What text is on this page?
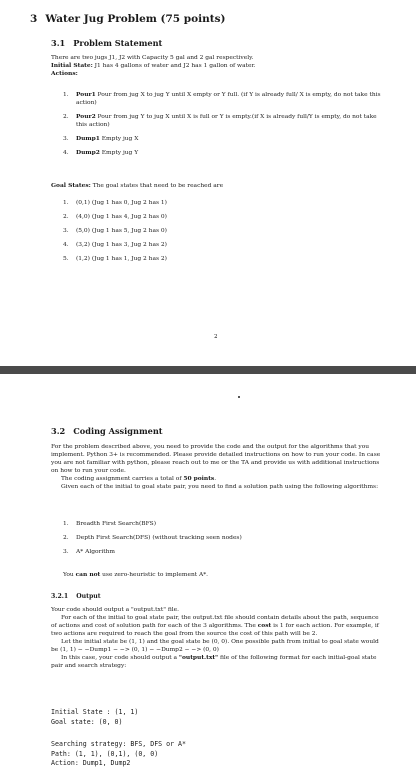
3 Water Jug Problem (75 points)
3.1 Problem Statement
There are two jugs J1, J2 with Capacity 5 gal and 2 gal respectively.
Initial State: J1 has 4 gallons of water and J2 has 1 gallon of water.
Actions:
1. Pour1 Pour from jug X to jug Y until X empty or Y full. (if Y is already full/ X is empty, do not take this action)
2. Pour2 Pour from jug Y to jug X until X is full or Y is empty.(if X is already full/Y is empty, do not take this action)
3. Dump1 Empty jug X
4. Dump2 Empty jug Y
Goal States: The goal states that need to be reached are
1. (0,1) (Jug 1 has 0, Jug 2 has 1)
2. (4,0) (Jug 1 has 4, Jug 2 has 0)
3. (5,0) (Jug 1 has 5, Jug 2 has 0)
4. (3,2) (Jug 1 has 3, Jug 2 has 2)
5. (1,2) (Jug 1 has 1, Jug 2 has 2)
2
3.2 Coding Assignment
For the problem described above, you need to provide the code and the output for the algorithms that you implement. Python 3+ is recommended. Please provide detailed instructions on how to run your code. In case you are not familiar with python, please reach out to me or the TA and provide us with additional instructions on how to run your code.
The coding assignment carries a total of 50 points.
Given each of the initial to goal state pair, you need to find a solution path using the following algorithms:
1. Breadth First Search(BFS)
2. Depth First Search(DFS) (without tracking seen nodes)
3. A* Algorithm
You can not use zero-heuristic to implement A*.
3.2.1 Output
Your code should output a "output.txt" file.
For each of the initial to goal state pair, the output.txt file should contain details about the path, sequence of actions and cost of solution path for each of the 3 algorithms. The cost is 1 for each action. For example, if two actions are required to reach the goal from the source the cost of this path will be 2.
Let the initial state be (1, 1) and the goal state be (0, 0). One possible path from initial to goal state would be (1, 1) − −Dump1 − −> (0, 1) − −Dump2 − −> (0, 0)
In this case, your code should output a "output.txt" file of the following format for each initial-goal state pair and search strategy:
Initial State : (1, 1)
Goal state: (0, 0)
Searching strategy: BFS, DFS or A*
Path: (1, 1), (0,1), (0, 0)
Action: Dump1, Dump2
